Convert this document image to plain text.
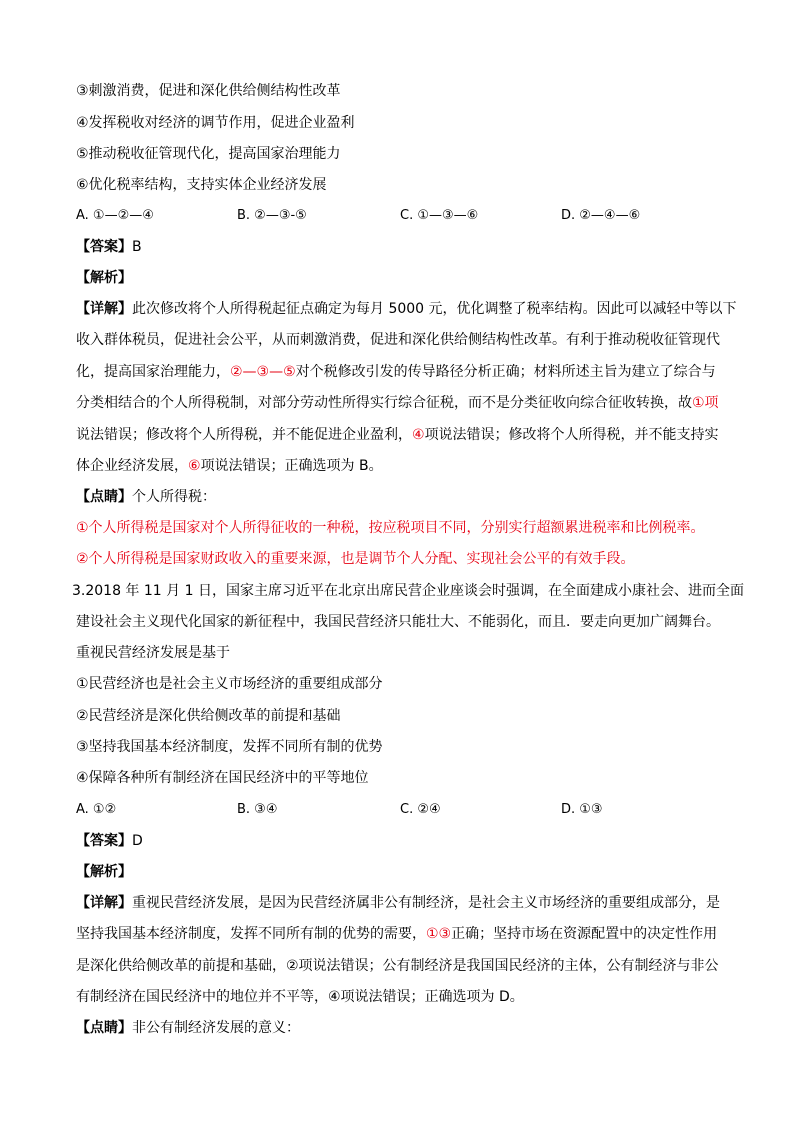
③刺激消费，促进和深化供给侧结构性改革
④发挥税收对经济的调节作用，促进企业盈利
⑤推动税收征管现代化，提高国家治理能力
⑥优化税率结构，支持实体企业经济发展
A. ①—②—④	B. ②—③-⑤	C. ①—③—⑥	D. ②—④—⑥
【答案】B
【解析】
【详解】此次修改将个人所得税起征点确定为每月 5000 元，优化调整了税率结构。因此可以减轻中等以下
收入群体税员，促进社会公平，从而刺激消费，促进和深化供给侧结构性改革。有利于推动税收征管现代
化，提高国家治理能力，②—③—⑤对个税修改引发的传导路径分析正确；材料所述主旨为建立了综合与
分类相结合的个人所得税制，对部分劳动性所得实行综合征税，而不是分类征收向综合征收转换，故①项
说法错误；修改将个人所得税，并不能促进企业盈利，④项说法错误；修改将个人所得税，并不能支持实
体企业经济发展，⑥项说法错误；正确选项为 B。
【点睛】个人所得税：
①个人所得税是国家对个人所得征收的一种税，按应税项目不同，分别实行超额累进税率和比例税率。
②个人所得税是国家财政收入的重要来源，也是调节个人分配、实现社会公平的有效手段。
3.2018 年 11 月 1 日，国家主席习近平在北京出席民营企业座谈会时强调，在全面建成小康社会、进而全面
建设社会主义现代化国家的新征程中，我国民营经济只能壮大、不能弱化，而且．要走向更加广阔舞台。
重视民营经济发展是基于
①民营经济也是社会主义市场经济的重要组成部分
②民营经济是深化供给侧改革的前提和基础
③坚持我国基本经济制度，发挥不同所有制的优势
④保障各种所有制经济在国民经济中的平等地位
A. ①②	B. ③④	C. ②④	D. ①③
【答案】D
【解析】
【详解】重视民营经济发展，是因为民营经济属非公有制经济，是社会主义市场经济的重要组成部分，是
坚持我国基本经济制度，发挥不同所有制的优势的需要，①③正确；坚持市场在资源配置中的决定性作用
是深化供给侧改革的前提和基础，②项说法错误；公有制经济是我国国民经济的主体，公有制经济与非公
有制经济在国民经济中的地位并不平等，④项说法错误；正确选项为 D。
【点睛】非公有制经济发展的意义：
